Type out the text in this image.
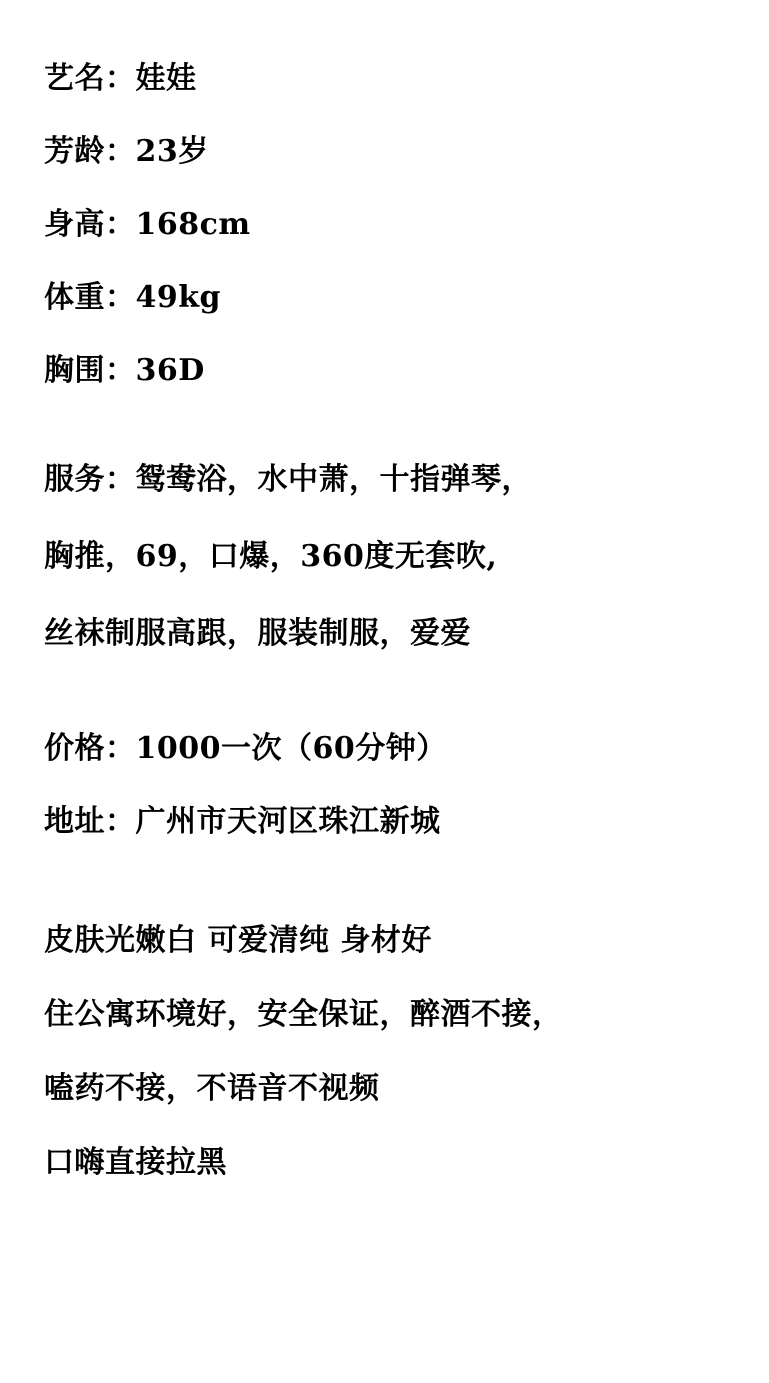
艺名：娃娃
芳龄：23岁
身高：168cm
体重：49kg
胸围：36D
服务：鸳鸯浴，水中萧，十指弹琴，
胸推，69，口爆，360度无套吹,
丝袜制服高跟，服装制服，爱爱
价格：1000一次（60分钟）
地址：广州市天河区珠江新城
皮肤光嫩白 可爱清纯 身材好
住公寓环境好，安全保证，醉酒不接，
嗑药不接，不语音不视频
口嗨直接拉黑
